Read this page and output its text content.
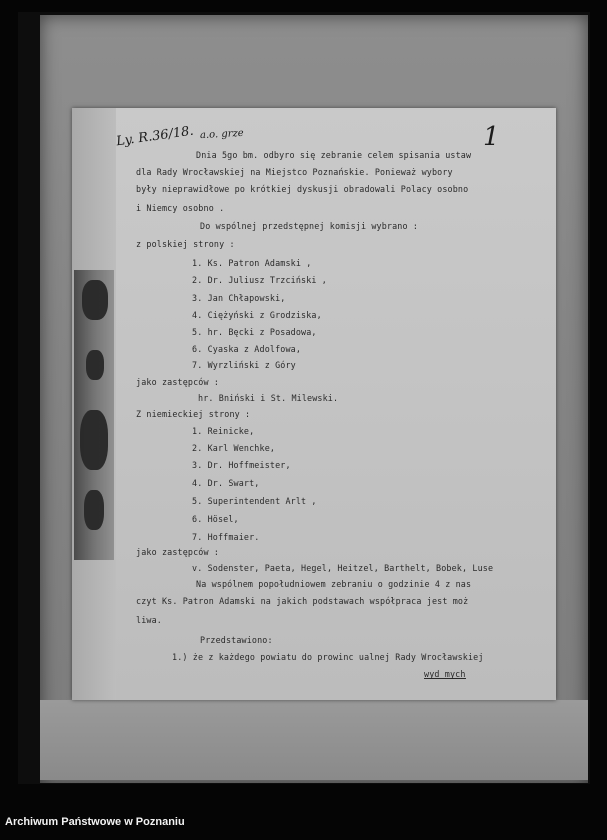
Ly. R.36/18. a.o. grze	1
Dnia 5go bm. odbyro się zebranie celem spisania ustaw
dla Rady Wrocławskiej na Miejstco Poznańskie. Ponieważ wybory
były nieprawidłowe po krótkiej dyskusji obradowali Polacy osobno
i Niemcy osobno .
Do wspólnej przedstępnej komisji wybrano :
z polskiej strony :
1. Ks. Patron Adamski ,
2. Dr. Juliusz Trzciński ,
3. Jan Chłapowski,
4. Ciężyński z Grodziska,
5. hr. Bęcki z Posadowa,
6. Cyaska z Adolfowa,
7. Wyrzliński z Góry
jako zastępców :
hr. Bniński i St. Milewski.
Z niemieckiej strony :
1. Reinicke,
2. Karl Wenchke,
3. Dr. Hoffmeister,
4. Dr. Swart,
5. Superintendent Arlt ,
6. Hösel,
7. Hoffmaier.
jako zastępców :
v. Sodenster, Paeta, Hegel, Heitzel, Barthelt, Bobek, Luse
Na wspólnem popołudniowem zebraniu o godzinie 4 z nas
czyt Ks. Patron Adamski na jakich podstawach współpraca jest moż
liwa.
Przedstawiono:
1.) że z każdego powiatu do prowinc ualnej Rady Wrocławskiej
wyd mych
Archiwum Państwowe w Poznaniu
